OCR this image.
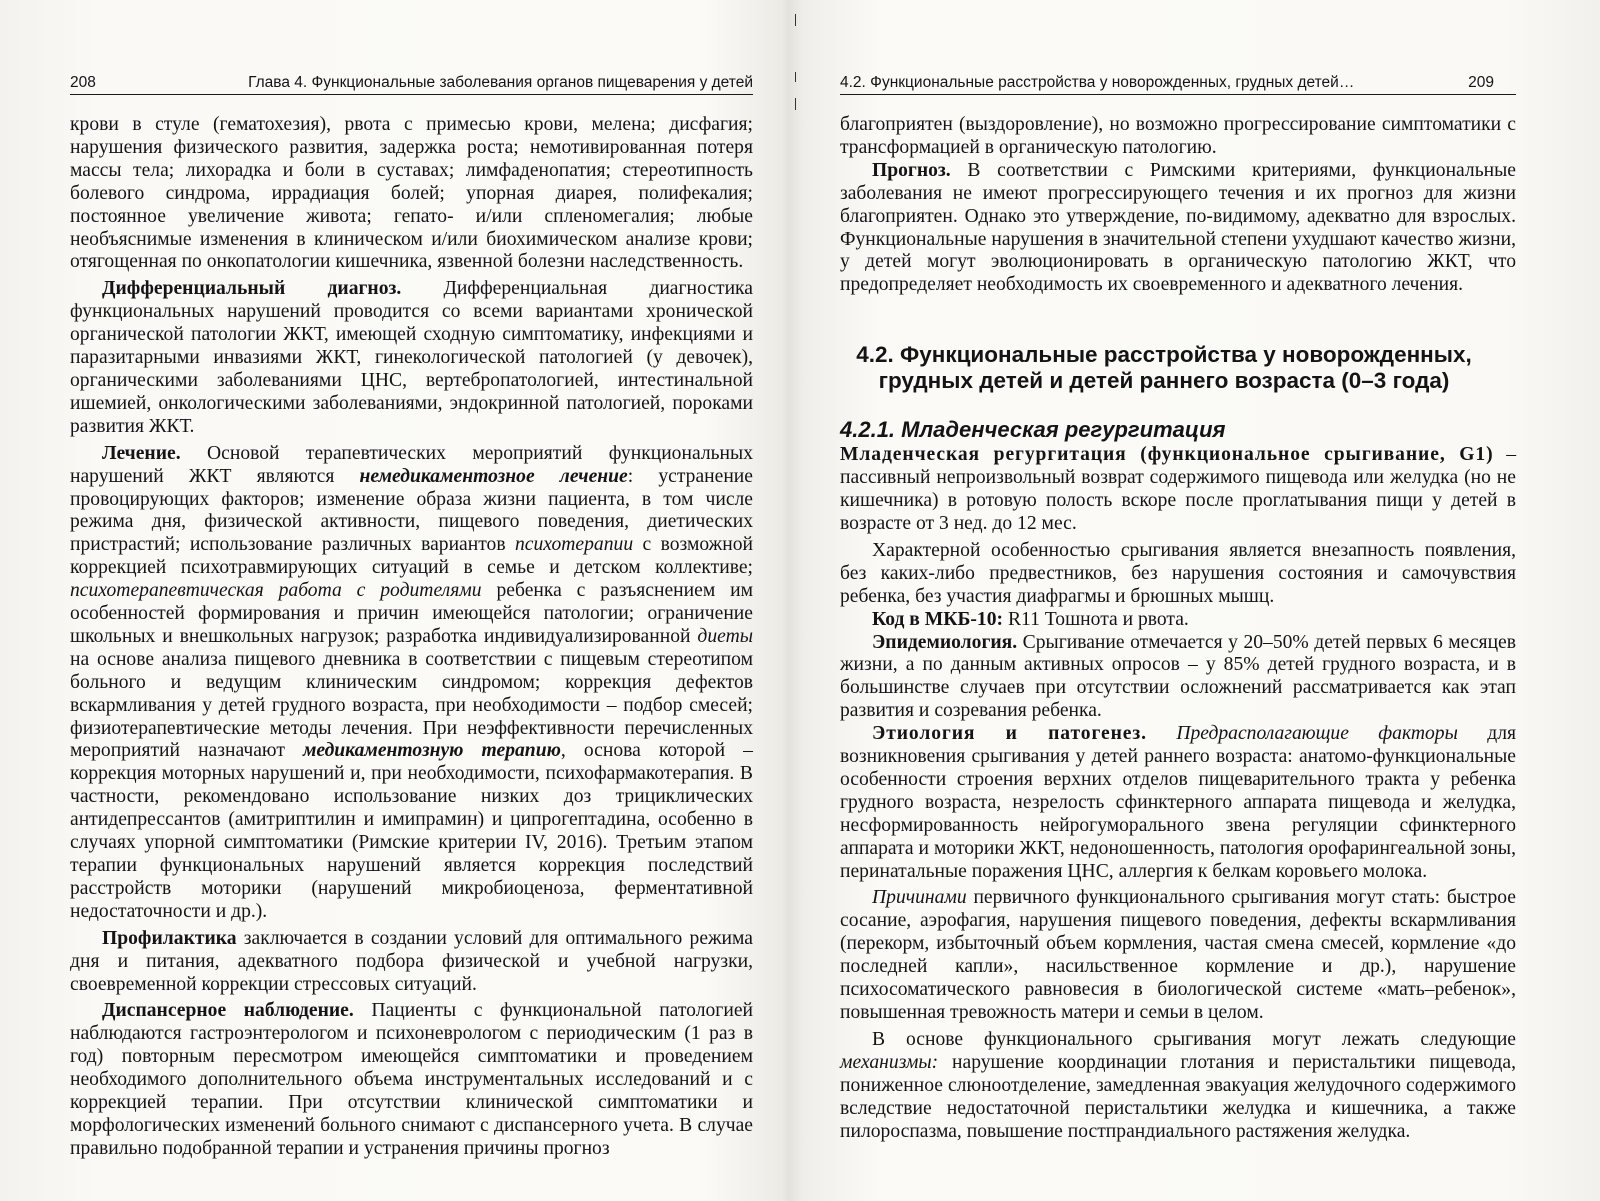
208	Глава 4. Функциональные заболевания органов пищеварения у детей

крови в стуле (гематохезия), рвота с примесью крови, мелена; дисфагия; нарушения физического развития, задержка роста; немотивированная потеря массы тела; лихорадка и боли в суставах; лимфаденопатия; стереотипность болевого синдрома, иррадиация болей; упорная диарея, полифекалия; постоянное увеличение живота; гепато- и/или спленомегалия; любые необъяснимые изменения в клиническом и/или биохимическом анализе крови; отягощенная по онкопатологии кишечника, язвенной болезни наследственность.

Дифференциальный диагноз. Дифференциальная диагностика функциональных нарушений проводится со всеми вариантами хронической органической патологии ЖКТ, имеющей сходную симптоматику, инфекциями и паразитарными инвазиями ЖКТ, гинекологической патологией (у девочек), органическими заболеваниями ЦНС, вертебропатологией, интестинальной ишемией, онкологическими заболеваниями, эндокринной патологией, пороками развития ЖКТ.

Лечение. Основой терапевтических мероприятий функциональных нарушений ЖКТ являются немедикаментозное лечение: устранение провоцирующих факторов; изменение образа жизни пациента, в том числе режима дня, физической активности, пищевого поведения, диетических пристрастий; использование различных вариантов психотерапии с возможной коррекцией психотравмирующих ситуаций в семье и детском коллективе; психотерапевтическая работа с родителями ребенка с разъяснением им особенностей формирования и причин имеющейся патологии; ограничение школьных и внешкольных нагрузок; разработка индивидуализированной диеты на основе анализа пищевого дневника в соответствии с пищевым стереотипом больного и ведущим клиническим синдромом; коррекция дефектов вскармливания у детей грудного возраста, при необходимости – подбор смесей; физиотерапевтические методы лечения. При неэффективности перечисленных мероприятий назначают медикаментозную терапию, основа которой – коррекция моторных нарушений и, при необходимости, психофармакотерапия. В частности, рекомендовано использование низких доз трициклических антидепрессантов (амитриптилин и имипрамин) и ципрогептадина, особенно в случаях упорной симптоматики (Римские критерии IV, 2016). Третьим этапом терапии функциональных нарушений является коррекция последствий расстройств моторики (нарушений микробиоценоза, ферментативной недостаточности и др.).

Профилактика заключается в создании условий для оптимального режима дня и питания, адекватного подбора физической и учебной нагрузки, своевременной коррекции стрессовых ситуаций.

Диспансерное наблюдение. Пациенты с функциональной патологией наблюдаются гастроэнтерологом и психоневрологом с периодическим (1 раз в год) повторным пересмотром имеющейся симптоматики и проведением необходимого дополнительного объема инструментальных исследований и с коррекцией терапии. При отсутствии клинической симптоматики и морфологических изменений больного снимают с диспансерного учета. В случае правильно подобранной терапии и устранения причины прогноз

4.2. Функциональные расстройства у новорожденных, грудных детей…	209

благоприятен (выздоровление), но возможно прогрессирование симптоматики с трансформацией в органическую патологию.

Прогноз. В соответствии с Римскими критериями, функциональные заболевания не имеют прогрессирующего течения и их прогноз для жизни благоприятен. Однако это утверждение, по-видимому, адекватно для взрослых. Функциональные нарушения в значительной степени ухудшают качество жизни, у детей могут эволюционировать в органическую патологию ЖКТ, что предопределяет необходимость их своевременного и адекватного лечения.

4.2. Функциональные расстройства у новорожденных,
грудных детей и детей раннего возраста (0–3 года)
4.2.1. Младенческая регургитация

Младенческая регургитация (функциональное срыгивание, G1) – пассивный непроизвольный возврат содержимого пищевода или желудка (но не кишечника) в ротовую полость вскоре после проглатывания пищи у детей в возрасте от 3 нед. до 12 мес.

Характерной особенностью срыгивания является внезапность появления, без каких-либо предвестников, без нарушения состояния и самочувствия ребенка, без участия диафрагмы и брюшных мышц.

Код в МКБ-10: R11 Тошнота и рвота.

Эпидемиология. Срыгивание отмечается у 20–50% детей первых 6 месяцев жизни, а по данным активных опросов – у 85% детей грудного возраста, и в большинстве случаев при отсутствии осложнений рассматривается как этап развития и созревания ребенка.

Этиология и патогенез. Предрасполагающие факторы для возникновения срыгивания у детей раннего возраста: анатомо-функциональные особенности строения верхних отделов пищеварительного тракта у ребенка грудного возраста, незрелость сфинктерного аппарата пищевода и желудка, несформированность нейрогуморального звена регуляции сфинктерного аппарата и моторики ЖКТ, недоношенность, патология орофарингеальной зоны, перинатальные поражения ЦНС, аллергия к белкам коровьего молока.

Причинами первичного функционального срыгивания могут стать: быстрое сосание, аэрофагия, нарушения пищевого поведения, дефекты вскармливания (перекорм, избыточный объем кормления, частая смена смесей, кормление «до последней капли», насильственное кормление и др.), нарушение психосоматического равновесия в биологической системе «мать–ребенок», повышенная тревожность матери и семьи в целом.

В основе функционального срыгивания могут лежать следующие механизмы: нарушение координации глотания и перистальтики пищевода, пониженное слюноотделение, замедленная эвакуация желудочного содержимого вследствие недостаточной перистальтики желудка и кишечника, а также пилороспазма, повышение постпрандиального растяжения желудка.
